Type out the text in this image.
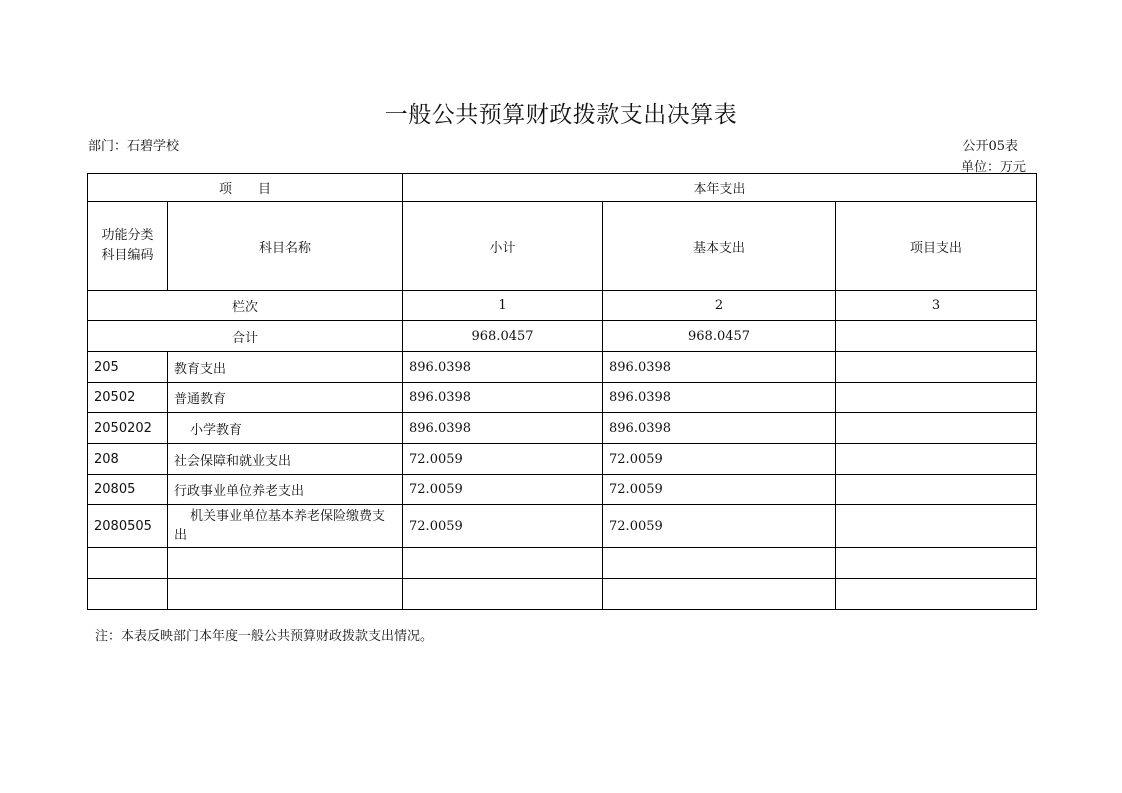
一般公共预算财政拨款支出决算表
部门：石碧学校	公开05表
单位：万元
项　　目		本年支出		

功能分类
科目编码	科目名称	小计	基本支出	项目支出
栏次		1	2	3
合计		968.0457	968.0457	
205	教育支出	896.0398	896.0398	
20502	普通教育	896.0398	896.0398	
2050202	小学教育	896.0398	896.0398	
208	社会保障和就业支出	72.0059	72.0059	
20805	行政事业单位养老支出	72.0059	72.0059	
2080505	机关事业单位基本养老保险缴费支出	72.0059	72.0059	

注：本表反映部门本年度一般公共预算财政拨款支出情况。
